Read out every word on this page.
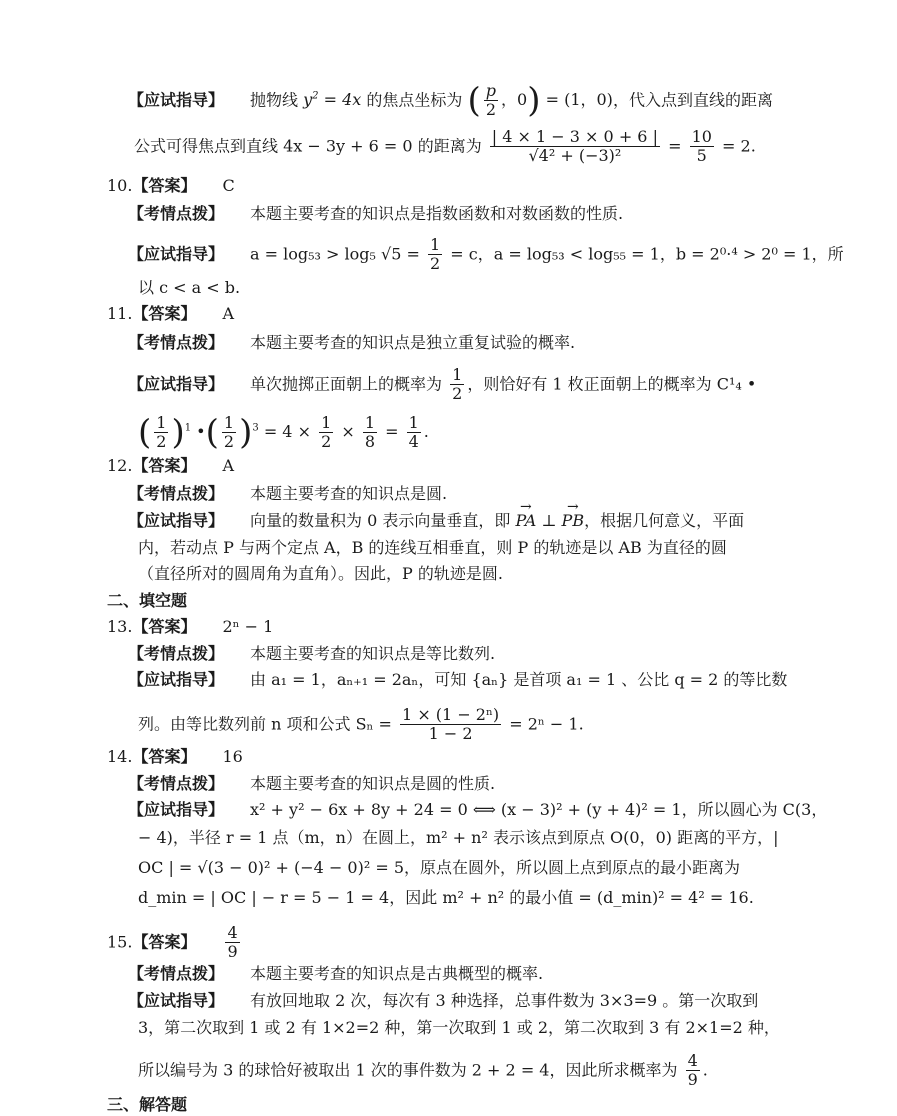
【应试指导】 抛物线 $y^2 = 4x$ 的焦点坐标为 ( $\frac{p}{2}$ ，0) = (1，0)，代入点到直线的距离
公式可得焦点到直线 4x − 3y + 6 = 0 的距离为 $\frac{| 4 \times 1 - 3 \times 0 + 6 |}{\text{√4² + (−3)²}} = \frac{10}{5} = 2$.
10.【答案】 C
【考情点拨】 本题主要考查的知识点是指数函数和对数函数的性质.
【应试指导】 a = log₅₃ > log₅ $√5 = \frac{1}{2} = c$，a = log₅₃ < log₅₅ = 1，b = 2⁰·⁴ > 2⁰ = 1，所
以 c < a < b.
11.【答案】 A
【考情点拨】 本题主要考查的知识点是独立重复试验的概率.
【应试指导】 单次抛掷正面朝上的概率为 $\frac{1}{2}$ ，则恰好有 1 枚正面朝上的概率为 C¹₄ •
( $\frac{1}{2} )^1$ •( $\frac{1}{2} )^3 = 4 \times \frac{1}{2} \times \frac{1}{8} = \frac{1}{4}$ .
12.【答案】 A
【考情点拨】 本题主要考查的知识点是圆.
【应试指导】 向量的数量积为 0 表示向量垂直，即 → PA ⊥ → PB，根据几何意义，平面
内，若动点 P 与两个定点 A，B 的连线互相垂直，则 P 的轨迹是以 AB 为直径的圆
（直径所对的圆周角为直角）。因此，P 的轨迹是圆.
二、填空题
13.【答案】 2ⁿ − 1
【考情点拨】 本题主要考查的知识点是等比数列.
【应试指导】 由 a₁ = 1，aₙ₊₁ = 2aₙ，可知 {aₙ} 是首项 a₁ = 1 、公比 q = 2 的等比数
列。由等比数列前 n 项和公式 $S_n = \frac{\text{1 × (1 − 2ⁿ)}}{1 - 2} = 2^n - 1$.
14.【答案】 16
【考情点拨】 本题主要考查的知识点是圆的性质.
【应试指导】 x² + y² − 6x + 8y + 24 = 0 ⟺ (x − 3)² + (y + 4)² = 1，所以圆心为 C(3，
− 4)，半径 r = 1 点（m，n）在圆上，m² + n² 表示该点到原点 O(0，0) 距离的平方，|
OC | = √(3 − 0)² + (−4 − 0)² = 5，原点在圆外，所以圆上点到原点的最小距离为
d_min = | OC | − r = 5 − 1 = 4，因此 m² + n² 的最小值 = (d_min)² = 4² = 16.
15.【答案】 $\frac{4}{9}$
【考情点拨】 本题主要考查的知识点是古典概型的概率.
【应试指导】 有放回地取 2 次，每次有 3 种选择，总事件数为 3×3=9 。第一次取到
3，第二次取到 1 或 2 有 1×2=2 种，第一次取到 1 或 2，第二次取到 3 有 2×1=2 种，
所以编号为 3 的球恰好被取出 1 次的事件数为 2 + 2 = 4，因此所求概率为 $\frac{4}{9}$ .
三、解答题
